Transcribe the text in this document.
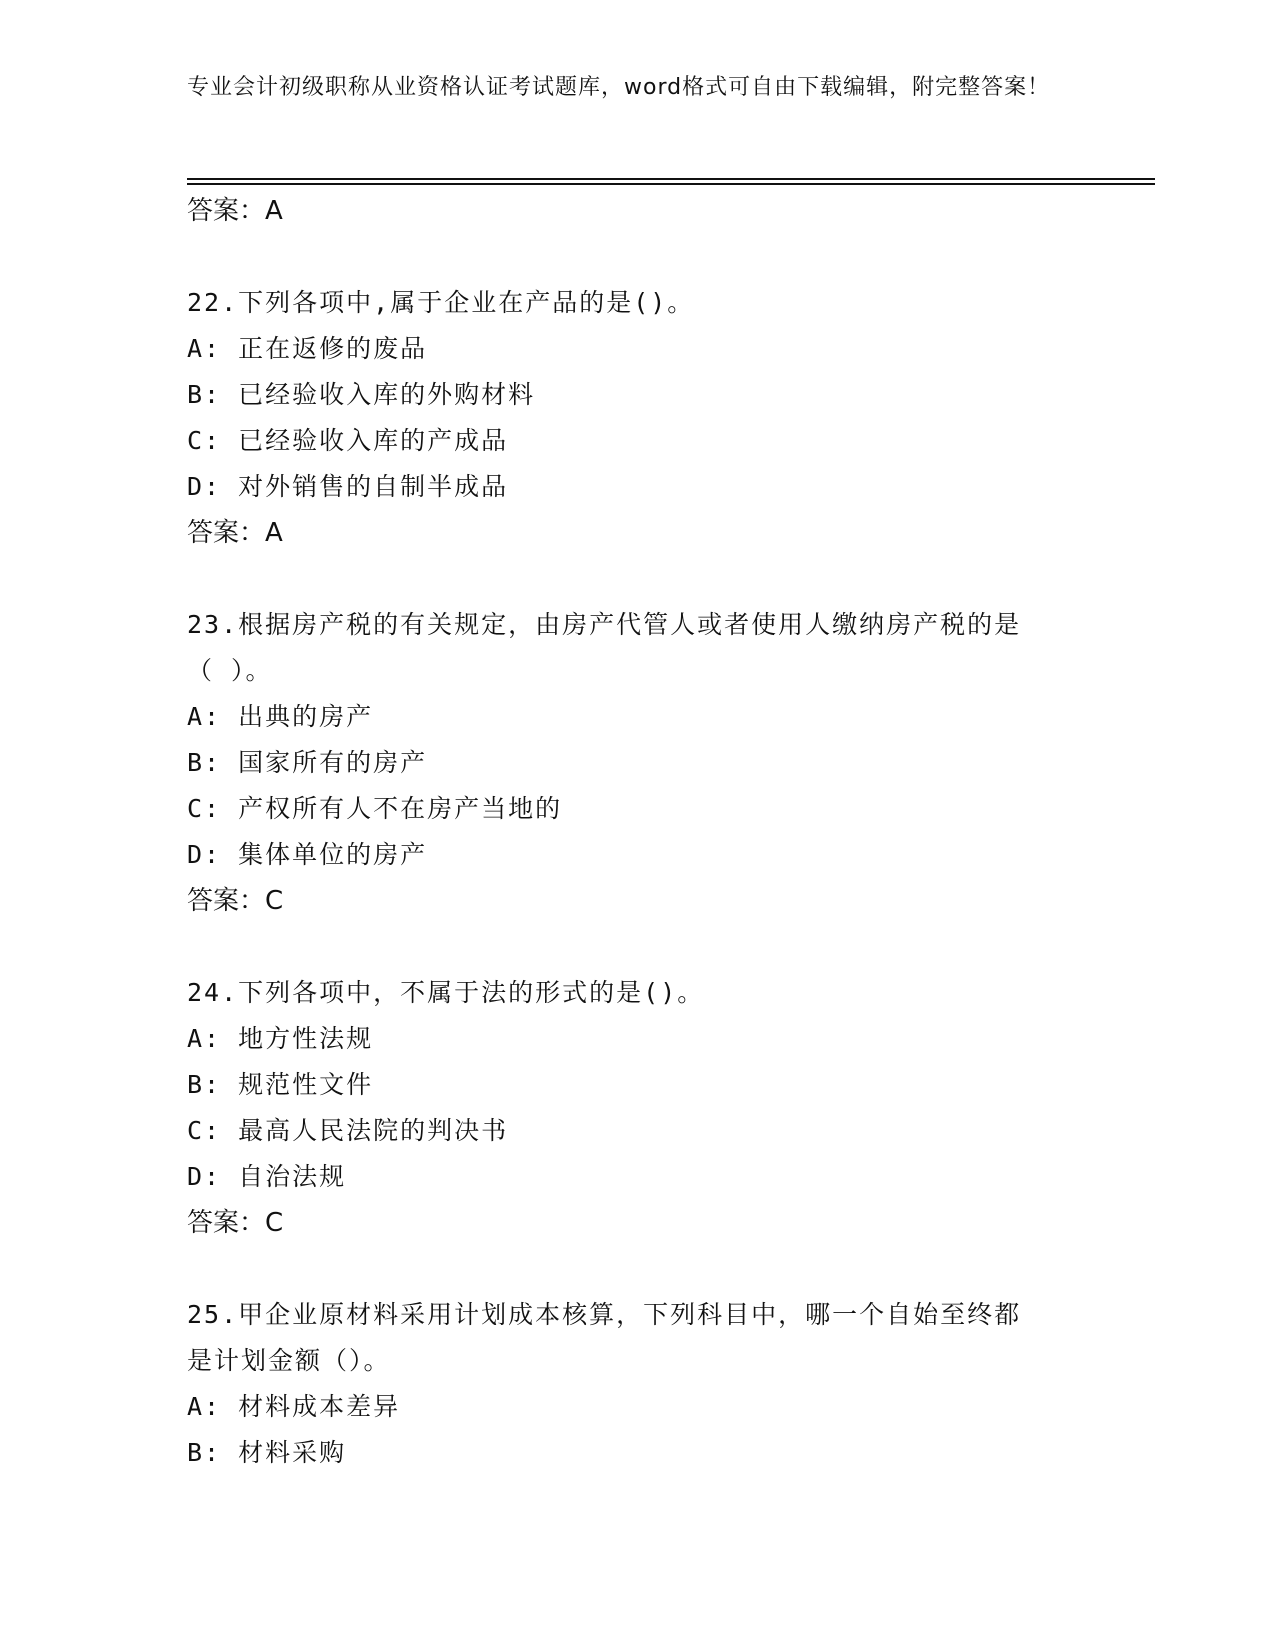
专业会计初级职称从业资格认证考试题库，word格式可自由下载编辑，附完整答案！
答案：A
22.下列各项中,属于企业在产品的是()。
A: 正在返修的废品
B: 已经验收入库的外购材料
C: 已经验收入库的产成品
D: 对外销售的自制半成品
答案：A
23.根据房产税的有关规定，由房产代管人或者使用人缴纳房产税的是
（ ）。
A: 出典的房产
B: 国家所有的房产
C: 产权所有人不在房产当地的
D: 集体单位的房产
答案：C
24.下列各项中，不属于法的形式的是()。
A: 地方性法规
B: 规范性文件
C: 最高人民法院的判决书
D: 自治法规
答案：C
25.甲企业原材料采用计划成本核算，下列科目中，哪一个自始至终都
是计划金额（）。
A: 材料成本差异
B: 材料采购
